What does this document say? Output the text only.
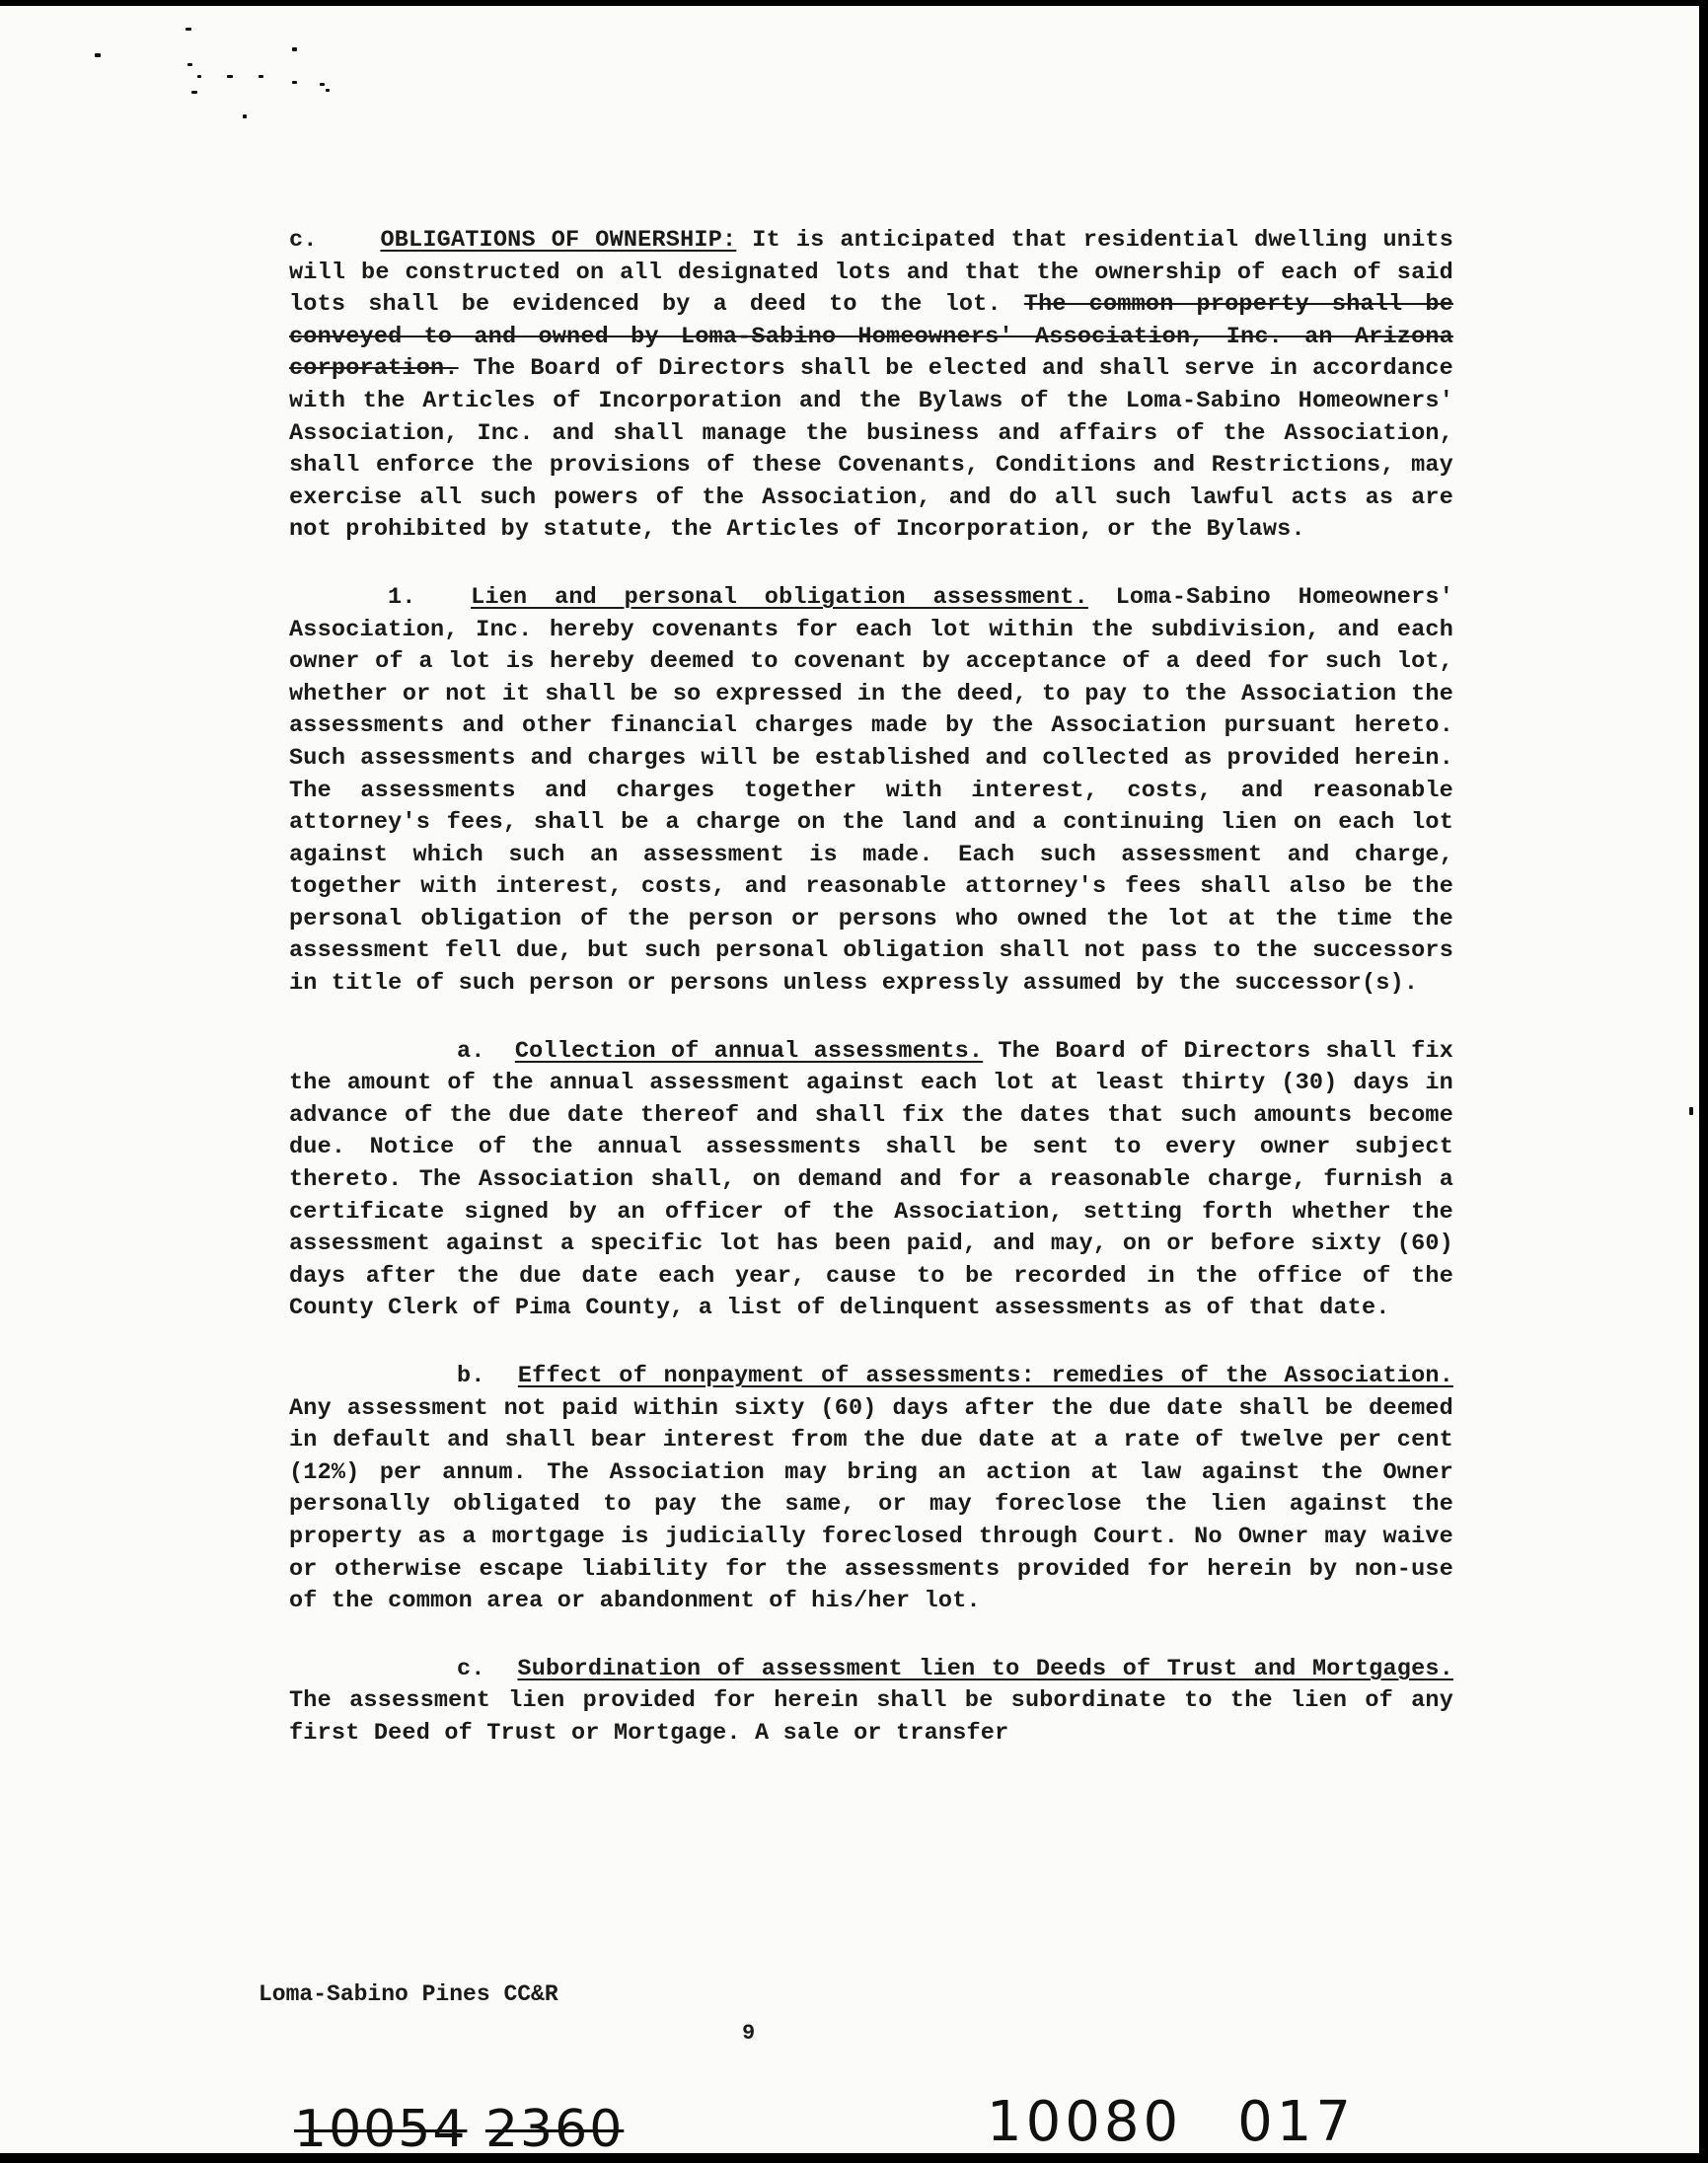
c.	OBLIGATIONS OF OWNERSHIP: It is anticipated that residential dwelling units will be constructed on all designated lots and that the ownership of each of said lots shall be evidenced by a deed to the lot. The common property shall be conveyed to and owned by Loma-Sabino Homeowners' Association, Inc. an Arizona corporation. The Board of Directors shall be elected and shall serve in accordance with the Articles of Incorporation and the Bylaws of the Loma-Sabino Homeowners' Association, Inc. and shall manage the business and affairs of the Association, shall enforce the provisions of these Covenants, Conditions and Restrictions, may exercise all such powers of the Association, and do all such lawful acts as are not prohibited by statute, the Articles of Incorporation, or the Bylaws.

1. Lien and personal obligation assessment. Loma-Sabino Homeowners' Association, Inc. hereby covenants for each lot within the subdivision, and each owner of a lot is hereby deemed to covenant by acceptance of a deed for such lot, whether or not it shall be so expressed in the deed, to pay to the Association the assessments and other financial charges made by the Association pursuant hereto. Such assessments and charges will be established and collected as provided herein. The assessments and charges together with interest, costs, and reasonable attorney's fees, shall be a charge on the land and a continuing lien on each lot against which such an assessment is made. Each such assessment and charge, together with interest, costs, and reasonable attorney's fees shall also be the personal obligation of the person or persons who owned the lot at the time the assessment fell due, but such personal obligation shall not pass to the successors in title of such person or persons unless expressly assumed by the successor(s).

a. Collection of annual assessments. The Board of Directors shall fix the amount of the annual assessment against each lot at least thirty (30) days in advance of the due date thereof and shall fix the dates that such amounts become due. Notice of the annual assessments shall be sent to every owner subject thereto. The Association shall, on demand and for a reasonable charge, furnish a certificate signed by an officer of the Association, setting forth whether the assessment against a specific lot has been paid, and may, on or before sixty (60) days after the due date each year, cause to be recorded in the office of the County Clerk of Pima County, a list of delinquent assessments as of that date.

b. Effect of nonpayment of assessments: remedies of the Association. Any assessment not paid within sixty (60) days after the due date shall be deemed in default and shall bear interest from the due date at a rate of twelve per cent (12%) per annum. The Association may bring an action at law against the Owner personally obligated to pay the same, or may foreclose the lien against the property as a mortgage is judicially foreclosed through Court. No Owner may waive or otherwise escape liability for the assessments provided for herein by non-use of the common area or abandonment of his/her lot.

c. Subordination of assessment lien to Deeds of Trust and Mortgages. The assessment lien provided for herein shall be subordinate to the lien of any first Deed of Trust or Mortgage. A sale or transfer

Loma-Sabino Pines CC&R
9
10054 2360	10080 017
